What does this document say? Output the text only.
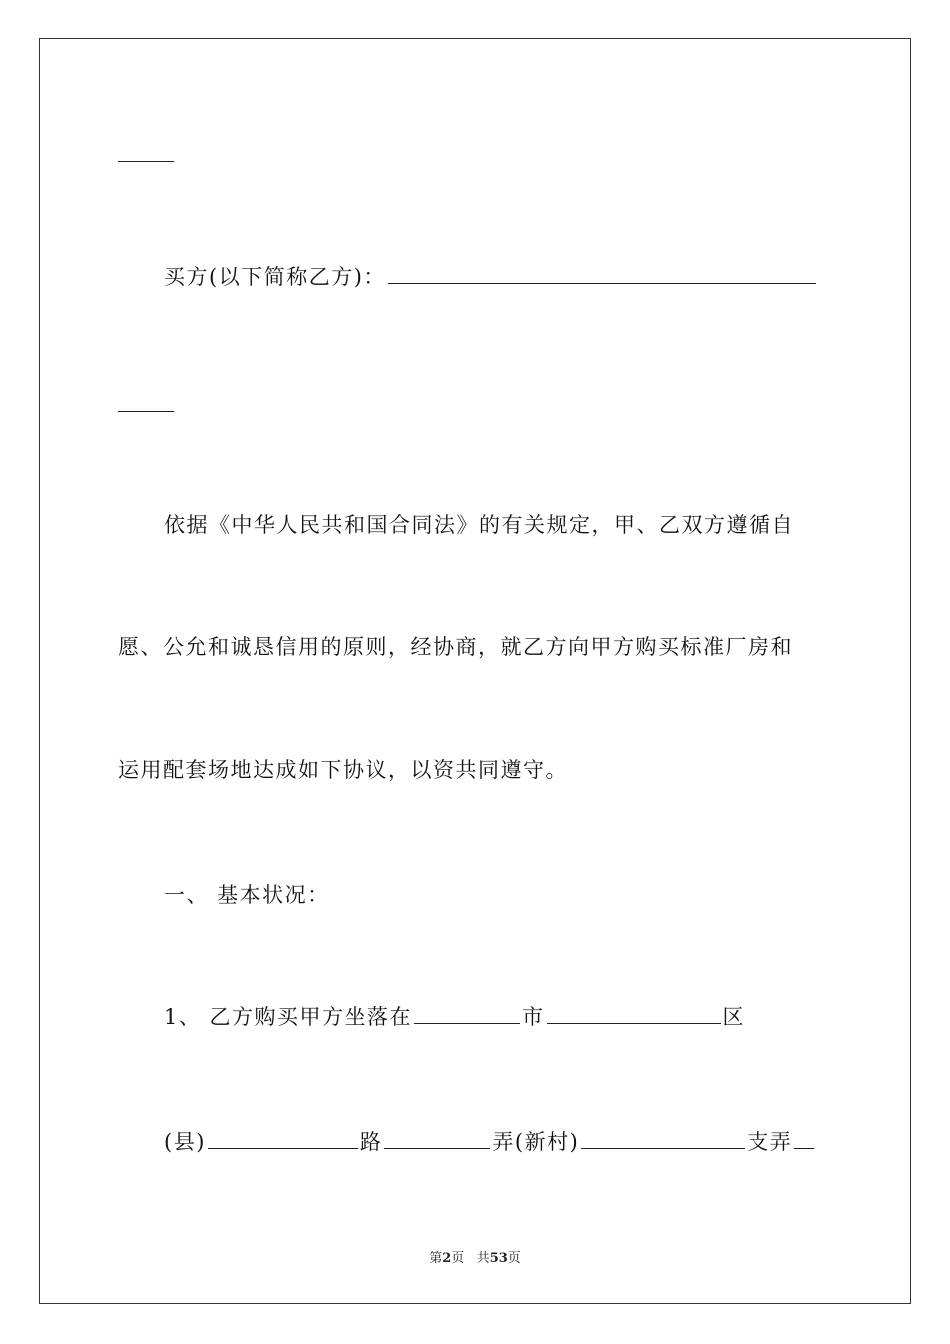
买方(以下简称乙方)：
依据《中华人民共和国合同法》的有关规定，甲、乙双方遵循自
愿、公允和诚恳信用的原则，经协商，就乙方向甲方购买标准厂房和
运用配套场地达成如下协议，以资共同遵守。
一、 基本状况：
1、 乙方购买甲方坐落在	市	区
(县)	路	弄(新村)	支弄
第2页 共53页
